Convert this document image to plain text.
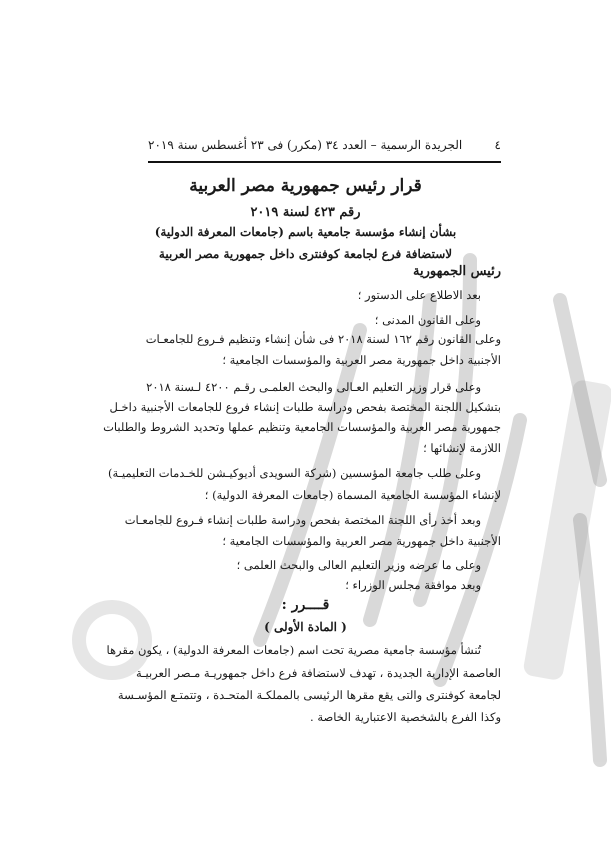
٤
الجريدة الرسمية – العدد ٣٤ (مكرر) فى ٢٣ أغسطس سنة ٢٠١٩
قرار رئيس جمهورية مصر العربية
رقم ٤٢٣ لسنة ٢٠١٩
بشأن إنشاء مؤسسة جامعية باسم (جامعات المعرفة الدولية)
لاستضافة فرع لجامعة كوفنترى داخل جمهورية مصر العربية
رئيس الجمهورية
بعد الاطلاع على الدستور ؛
وعلى القانون المدنى ؛
وعلى القانون رقم ١٦٢ لسنة ٢٠١٨ فى شأن إنشاء وتنظيم فـروع للجامعـات
الأجنبية داخل جمهورية مصر العربية والمؤسسات الجامعية ؛
وعلى قرار وزير التعليم العـالى والبحث العلمـى رقـم ٤٢٠٠ لـسنة ٢٠١٨
بتشكيل اللجنة المختصة بفحص ودراسة طلبات إنشاء فروع للجامعات الأجنبية داخـل
جمهورية مصر العربية والمؤسسات الجامعية وتنظيم عملها وتحديد الشروط والطلبات
اللازمة لإنشائها ؛
وعلى طلب جامعة المؤسسين (شركة السويدى أديوكيـشن للخـدمات التعليميـة)
لإنشاء المؤسسة الجامعية المسماة (جامعات المعرفة الدولية) ؛
وبعد أخذ رأى اللجنة المختصة بفحص ودراسة طلبات إنشاء فـروع للجامعـات
الأجنبية داخل جمهورية مصر العربية والمؤسسات الجامعية ؛
وعلى ما عرضه وزير التعليم العالى والبحث العلمى ؛
وبعد موافقة مجلس الوزراء ؛
قــــرر :
( المادة الأولى )
تُنشأ مؤسسة جامعية مصرية تحت اسم (جامعات المعرفة الدولية) ، يكون مقرها
العاصمة الإدارية الجديدة ، تهدف لاستضافة فرع داخل جمهوريـة مـصر العربيـة
لجامعة كوفنترى والتى يقع مقرها الرئيسى بالمملكـة المتحـدة ، وتتمتـع المؤسـسة
وكذا الفرع بالشخصية الاعتبارية الخاصة .
